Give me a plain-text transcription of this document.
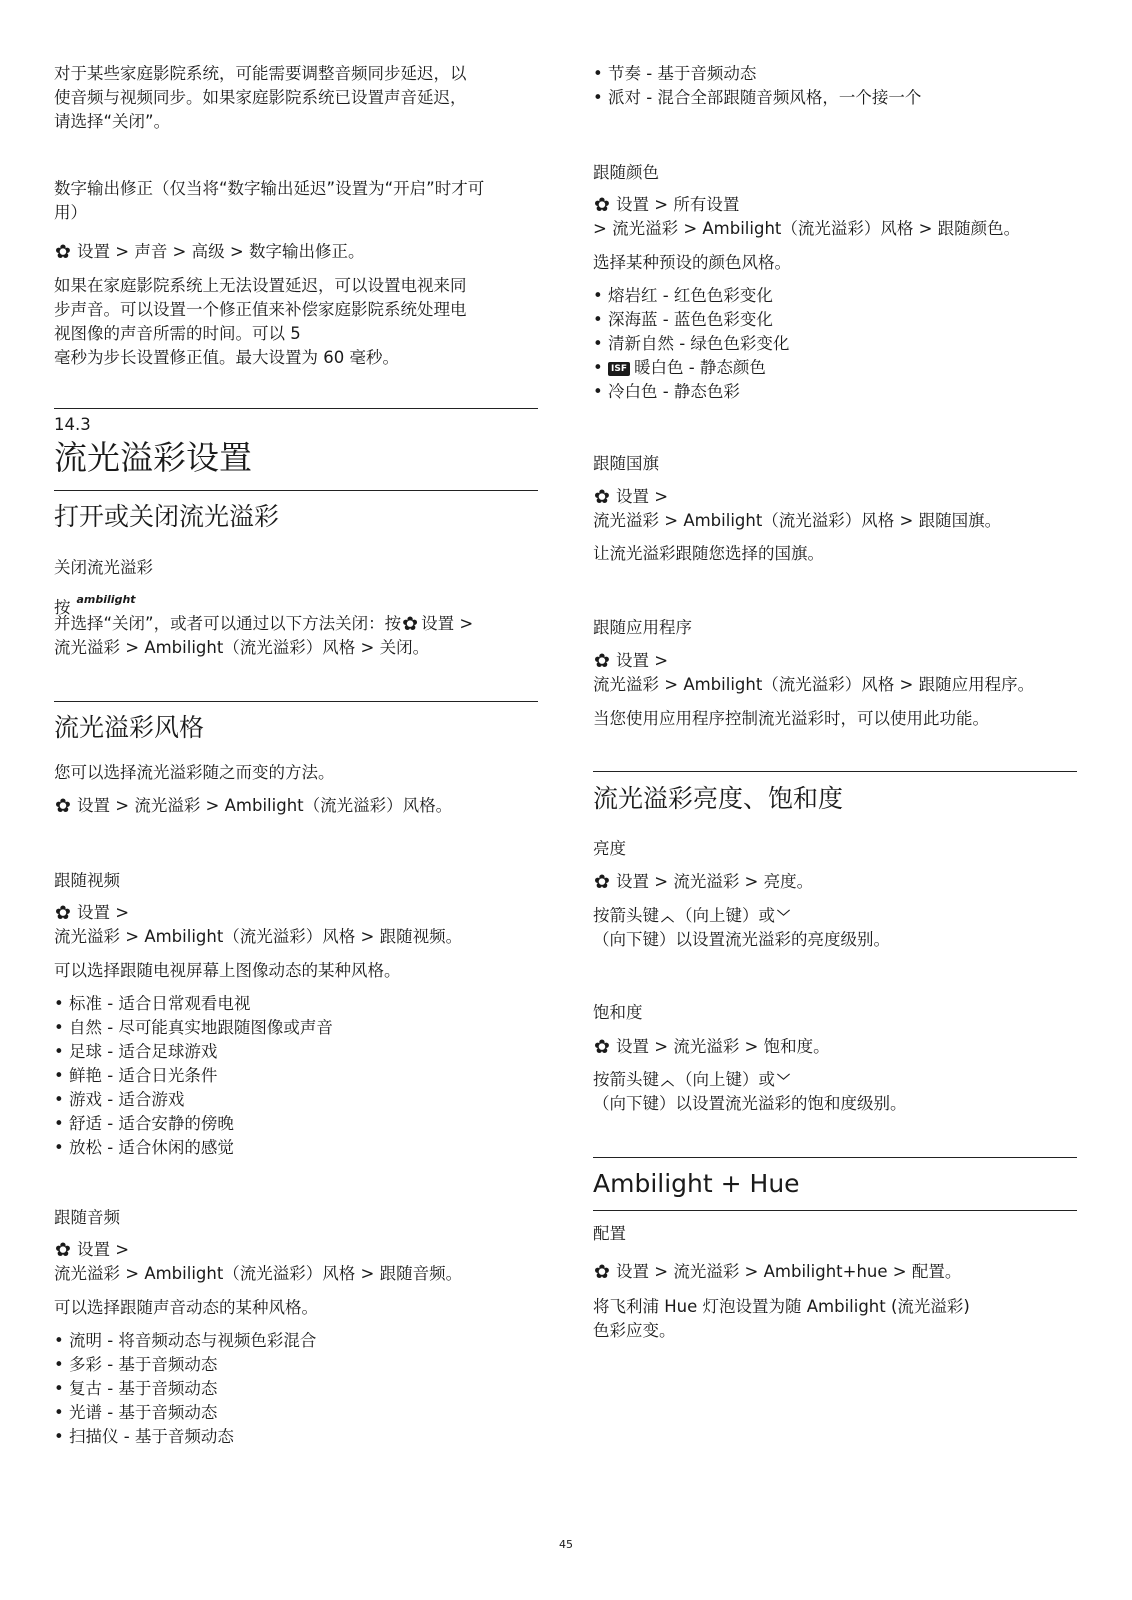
对于某些家庭影院系统，可能需要调整音频同步延迟，以
使音频与视频同步。如果家庭影院系统已设置声音延迟，
请选择“关闭”。
数字输出修正（仅当将“数字输出延迟”设置为“开启”时才可
用）
✿ 设置 > 声音 > 高级 > 数字输出修正。
如果在家庭影院系统上无法设置延迟，可以设置电视来同
步声音。可以设置一个修正值来补偿家庭影院系统处理电
视图像的声音所需的时间。可以 5
毫秒为步长设置修正值。最大设置为 60 毫秒。
14.3
流光溢彩设置
打开或关闭流光溢彩
关闭流光溢彩
按 $^{ambilight}$
并选择“关闭”，或者可以通过以下方法关闭：按✿ 设置 >
流光溢彩 > Ambilight（流光溢彩）风格 > 关闭。
流光溢彩风格
您可以选择流光溢彩随之而变的方法。
✿ 设置 > 流光溢彩 > Ambilight（流光溢彩）风格。
跟随视频
✿ 设置 >
流光溢彩 > Ambilight（流光溢彩）风格 > 跟随视频。
可以选择跟随电视屏幕上图像动态的某种风格。
• 标准 - 适合日常观看电视
• 自然 - 尽可能真实地跟随图像或声音
• 足球 - 适合足球游戏
• 鲜艳 - 适合日光条件
• 游戏 - 适合游戏
• 舒适 - 适合安静的傍晚
• 放松 - 适合休闲的感觉
跟随音频
✿ 设置 >
流光溢彩 > Ambilight（流光溢彩）风格 > 跟随音频。
可以选择跟随声音动态的某种风格。
• 流明 - 将音频动态与视频色彩混合
• 多彩 - 基于音频动态
• 复古 - 基于音频动态
• 光谱 - 基于音频动态
• 扫描仪 - 基于音频动态
• 节奏 - 基于音频动态
• 派对 - 混合全部跟随音频风格，一个接一个
跟随颜色
✿ 设置 > 所有设置
> 流光溢彩 > Ambilight（流光溢彩）风格 > 跟随颜色。
选择某种预设的颜色风格。
• 熔岩红 - 红色色彩变化
• 深海蓝 - 蓝色色彩变化
• 清新自然 - 绿色色彩变化
• ISF 暖白色 - 静态颜色
• 冷白色 - 静态色彩
跟随国旗
✿ 设置 >
流光溢彩 > Ambilight（流光溢彩）风格 > 跟随国旗。
让流光溢彩跟随您选择的国旗。
跟随应用程序
✿ 设置 >
流光溢彩 > Ambilight（流光溢彩）风格 > 跟随应用程序。
当您使用应用程序控制流光溢彩时，可以使用此功能。
流光溢彩亮度、饱和度
亮度
✿ 设置 > 流光溢彩 > 亮度。
按箭头键 ︿ （向上键）或 ﹀
（向下键）以设置流光溢彩的亮度级别。
饱和度
✿ 设置 > 流光溢彩 > 饱和度。
按箭头键 ︿ （向上键）或 ﹀
（向下键）以设置流光溢彩的饱和度级别。
Ambilight + Hue
配置
✿ 设置 > 流光溢彩 > Ambilight+hue > 配置。
将飞利浦 Hue 灯泡设置为随 Ambilight (流光溢彩)
色彩应变。
45
